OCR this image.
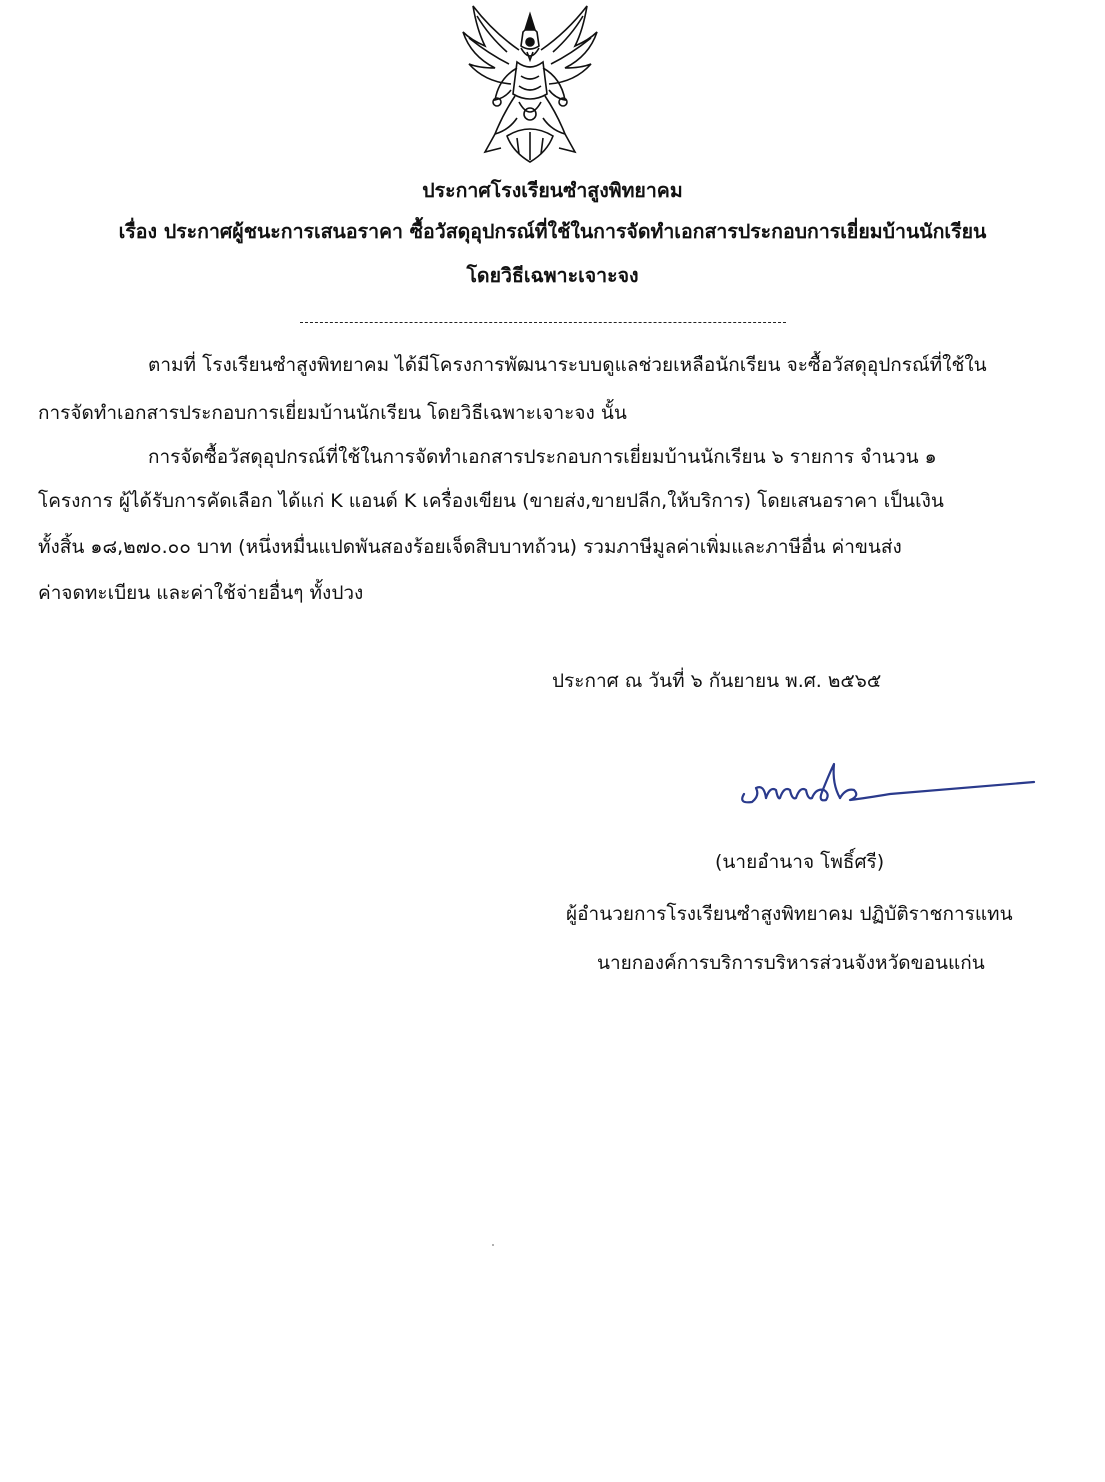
ประกาศโรงเรียนซำสูงพิทยาคม
เรื่อง ประกาศผู้ชนะการเสนอราคา ซื้อวัสดุอุปกรณ์ที่ใช้ในการจัดทำเอกสารประกอบการเยี่ยมบ้านนักเรียน
โดยวิธีเฉพาะเจาะจง
ตามที่ โรงเรียนซำสูงพิทยาคม ได้มีโครงการพัฒนาระบบดูแลช่วยเหลือนักเรียน จะซื้อวัสดุอุปกรณ์ที่ใช้ใน
การจัดทำเอกสารประกอบการเยี่ยมบ้านนักเรียน โดยวิธีเฉพาะเจาะจง นั้น
การจัดซื้อวัสดุอุปกรณ์ที่ใช้ในการจัดทำเอกสารประกอบการเยี่ยมบ้านนักเรียน ๖ รายการ จำนวน ๑
โครงการ ผู้ได้รับการคัดเลือก ได้แก่ K แอนด์ K เครื่องเขียน (ขายส่ง,ขายปลีก,ให้บริการ) โดยเสนอราคา เป็นเงิน
ทั้งสิ้น ๑๘,๒๗๐.๐๐ บาท (หนึ่งหมื่นแปดพันสองร้อยเจ็ดสิบบาทถ้วน) รวมภาษีมูลค่าเพิ่มและภาษีอื่น ค่าขนส่ง
ค่าจดทะเบียน และค่าใช้จ่ายอื่นๆ ทั้งปวง
ประกาศ ณ วันที่ ๖ กันยายน พ.ศ. ๒๕๖๕
(นายอำนาจ โพธิ์ศรี)
ผู้อำนวยการโรงเรียนซำสูงพิทยาคม ปฏิบัติราชการแทน
นายกองค์การบริการบริหารส่วนจังหวัดขอนแก่น
